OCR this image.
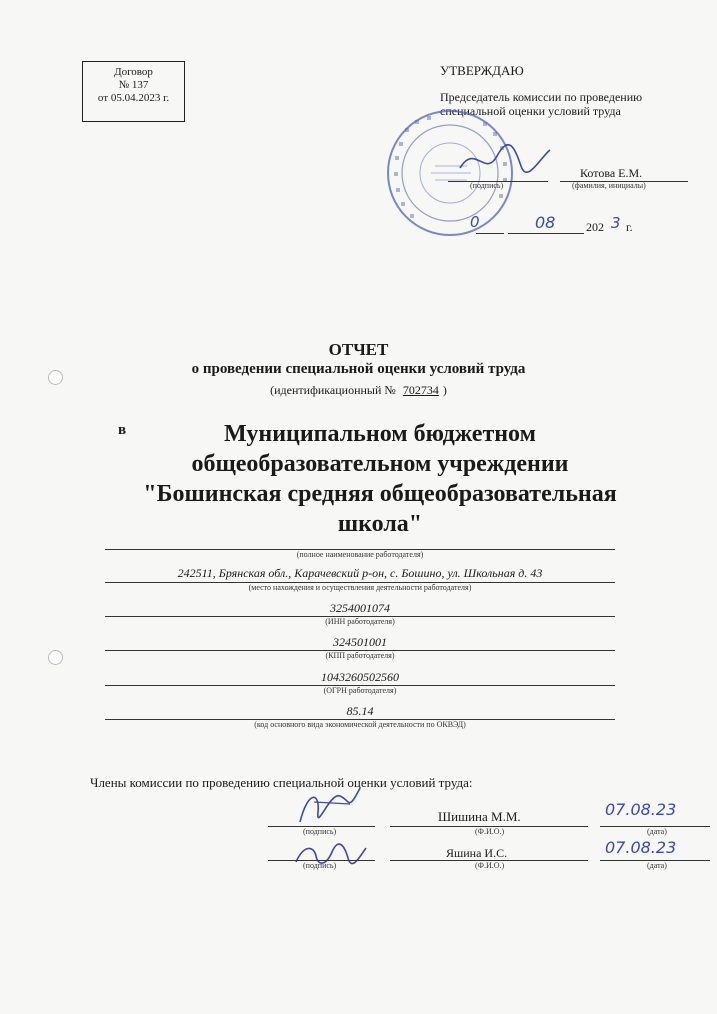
Договор
№ 137
от 05.04.2023 г.
УТВЕРЖДАЮ
Председатель комиссии по проведению специальной оценки условий труда
(подпись)
Котова Е.М.
(фамилия, инициалы)
0	08	202 3 г.
ОТЧЕТ
о проведении специальной оценки условий труда
(идентификационный № 702734 )
в	Муниципальном бюджетном общеобразовательном учреждении "Бошинская средняя общеобразовательная школа"
(полное наименование работодателя)
242511, Брянская обл., Карачевский р-он, с. Бошино, ул. Школьная д. 43
(место нахождения и осуществления деятельности работодателя)
3254001074
(ИНН работодателя)
324501001
(КПП работодателя)
1043260502560
(ОГРН работодателя)
85.14
(код основного вида экономической деятельности по ОКВЭД)
Члены комиссии по проведению специальной оценки условий труда:
(подпись)
Шишина М.М.
(Ф.И.О.)
07.08.23
(дата)
(подпись)
Яшина И.С.
(Ф.И.О.)
07.08.23
(дата)
